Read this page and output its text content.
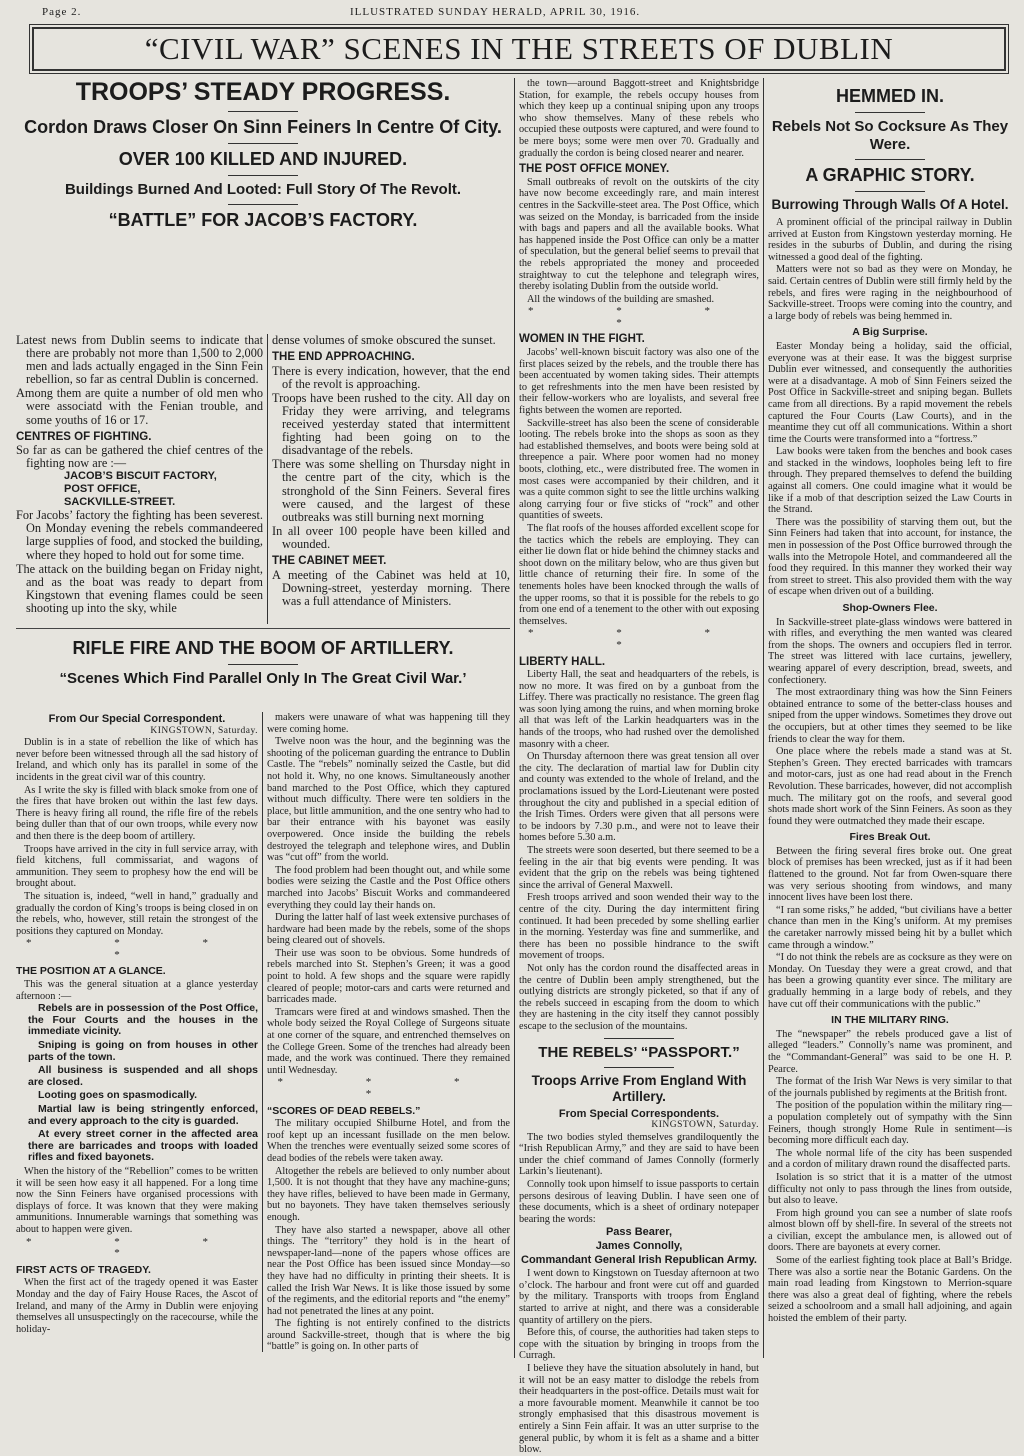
Page 2.	ILLUSTRATED SUNDAY HERALD, APRIL 30, 1916.
“CIVIL WAR” SCENES IN THE STREETS OF DUBLIN
TROOPS’ STEADY PROGRESS.
Cordon Draws Closer On Sinn Feiners In Centre Of City.
OVER 100 KILLED AND INJURED.
Buildings Burned And Looted: Full Story Of The Revolt.
“BATTLE” FOR JACOB’S FACTORY.
Latest news from Dublin seems to indicate that there are probably not more than 1,500 to 2,000 men and lads actually engaged in the Sinn Fein rebellion, so far as central Dublin is concerned.
Among them are quite a number of old men who were associatd with the Fenian trouble, and some youths of 16 or 17.
CENTRES OF FIGHTING.
So far as can be gathered the chief centres of the fighting now are :—
JACOB’S BISCUIT FACTORY,
POST OFFICE,
SACKVILLE-STREET.
For Jacobs’ factory the fighting has been severest. On Monday evening the rebels commandeered large supplies of food, and stocked the building, where they hoped to hold out for some time.
The attack on the building began on Friday night, and as the boat was ready to depart from Kingstown that evening flames could be seen shooting up into the sky, while
dense volumes of smoke obscured the sunset.
THE END APPROACHING.
There is every indication, however, that the end of the revolt is approaching.
Troops have been rushed to the city. All day on Friday they were arriving, and telegrams received yesterday stated that intermittent fighting had been going on to the disadvantage of the rebels.
There was some shelling on Thursday night in the centre part of the city, which is the stronghold of the Sinn Feiners. Several fires were caused, and the largest of these outbreaks was still burning next morning
In all oveer 100 people have been killed and wounded.
THE CABINET MEET.
A meeting of the Cabinet was held at 10, Downing-street, yesterday morning. There was a full attendance of Ministers.
RIFLE FIRE AND THE BOOM OF ARTILLERY.
“Scenes Which Find Parallel Only In The Great Civil War.’
From Our Special Correspondent.
KINGSTOWN, Saturday.
Dublin is in a state of rebellion the like of which has never before been witnessed through all the sad history of Ireland, and which only has its parallel in some of the incidents in the great civil war of this country.
As I write the sky is filled with black smoke from one of the fires that have broken out within the last few days. There is heavy firing all round, the rifle fire of the rebels being duller than that of our own troops, while every now and then there is the deep boom of artillery.
Troops have arrived in the city in full service array, with field kitchens, full commissariat, and wagons of ammunition. They seem to prophesy how the end will be brought about.
The situation is, indeed, “well in hand,” gradually and gradually the cordon of King’s troops is being closed in on the rebels, who, however, still retain the strongest of the positions they captured on Monday.
* * * *
THE POSITION AT A GLANCE.
This was the general situation at a glance yesterday afternoon :—
Rebels are in possession of the Post Office, the Four Courts and the houses in the immediate vicinity.
Sniping is going on from houses in other parts of the town.
All business is suspended and all shops are closed.
Looting goes on spasmodically.
Martial law is being stringently enforced, and every approach to the city is guarded.
At every street corner in the affected area there are barricades and troops with loaded rifles and fixed bayonets.
When the history of the “Rebellion” comes to be written it will be seen how easy it all happened. For a long time now the Sinn Feiners have organised processions with displays of force. It was known that they were making ammunitions. Innumerable warnings that something was about to happen were given.
* * * *
FIRST ACTS OF TRAGEDY.
When the first act of the tragedy opened it was Easter Monday and the day of Fairy House Races, the Ascot of Ireland, and many of the Army in Dublin were enjoying themselves all unsuspectingly on the racecourse, while the holiday-
makers were unaware of what was happening till they were coming home.
Twelve noon was the hour, and the beginning was the shooting of the policeman guarding the entrance to Dublin Castle. The “rebels” nominally seized the Castle, but did not hold it. Why, no one knows. Simultaneously another band marched to the Post Office, which they captured without much difficulty. There were ten soldiers in the place, but little ammunition, and the one sentry who had to bar their entrance with his bayonet was easily overpowered. Once inside the building the rebels destroyed the telegraph and telephone wires, and Dublin was “cut off” from the world.
The food problem had been thought out, and while some bodies were seizing the Castle and the Post Office others marched into Jacobs’ Biscuit Works and commandeered everything they could lay their hands on.
During the latter half of last week extensive purchases of hardware had been made by the rebels, some of the shops being cleared out of shovels.
Their use was soon to be obvious. Some hundreds of rebels marched into St. Stephen’s Green; it was a good point to hold. A few shops and the square were rapidly cleared of people; motor-cars and carts were returned and barricades made.
Tramcars were fired at and windows smashed. Then the whole body seized the Royal College of Surgeons situate at one corner of the square, and entrenched themselves on the College Green. Some of the trenches had already been made, and the work was continued. There they remained until Wednesday.
* * * *
“SCORES OF DEAD REBELS.”
The military occupied Shilburne Hotel, and from the roof kept up an incessant fusillade on the men below. When the trenches were eventually seized some scores of dead bodies of the rebels were taken away.
Altogether the rebels are believed to only number about 1,500. It is not thought that they have any machine-guns; they have rifles, believed to have been made in Germany, but no bayonets. They have taken themselves seriously enough.
They have also started a newspaper, above all other things. The “territory” they hold is in the heart of newspaper-land—none of the papers whose offices are near the Post Office has been issued since Monday—so they have had no difficulty in printing their sheets. It is called the Irish War News. It is like those issued by some of the regiments, and the editorial reports and “the enemy” had not penetrated the lines at any point.
The fighting is not entirely confined to the districts around Sackville-street, though that is where the big “battle” is going on. In other parts of
the town—around Baggott-street and Knightsbridge Station, for example, the rebels occupy houses from which they keep up a continual sniping upon any troops who show themselves. Many of these rebels who occupied these outposts were captured, and were found to be mere boys; some were men over 70. Gradually and gradually the cordon is being closed nearer and nearer.
THE POST OFFICE MONEY.
Small outbreaks of revolt on the outskirts of the city have now become exceedingly rare, and main interest centres in the Sackville-steet area. The Post Office, which was seized on the Monday, is barricaded from the inside with bags and papers and all the available books. What has happened inside the Post Office can only be a matter of speculation, but the general belief seems to prevail that the rebels appropriated the money and proceeded straightway to cut the telephone and telegraph wires, thereby isolating Dublin from the outside world.
All the windows of the building are smashed.
* * * *
WOMEN IN THE FIGHT.
Jacobs’ well-known biscuit factory was also one of the first places seized by the rebels, and the trouble there has been accentuated by women taking sides. Their attempts to get refreshments into the men have been resisted by their fellow-workers who are loyalists, and several free fights between the women are reported.
Sackville-street has also been the scene of considerable looting. The rebels broke into the shops as soon as they had established themselves, and boots were being sold at threepence a pair. Where poor women had no money boots, clothing, etc., were distributed free. The women in most cases were accompanied by their children, and it was a quite common sight to see the little urchins walking along carrying four or five sticks of “rock” and other quantities of sweets.
The flat roofs of the houses afforded excellent scope for the tactics which the rebels are employing. They can either lie down flat or hide behind the chimney stacks and shoot down on the military below, who are thus given but little chance of returning their fire. In some of the tenements holes have been knocked through the walls of the upper rooms, so that it is possible for the rebels to go from one end of a tenement to the other with out exposing themselves.
* * * *
LIBERTY HALL.
Liberty Hall, the seat and headquarters of the rebels, is now no more. It was fired on by a gunboat from the Liffey. There was practically no resistance. The green flag was soon lying among the ruins, and when morning broke all that was left of the Larkin headquarters was in the hands of the troops, who had rushed over the demolished masonry with a cheer.
On Thursday afternoon there was great tension all over the city. The declaration of martial law for Dublin city and county was extended to the whole of Ireland, and the proclamations issued by the Lord-Lieutenant were posted throughout the city and published in a special edition of the Irish Times. Orders were given that all persons were to be indoors by 7.30 p.m., and were not to leave their homes before 5.30 a.m.
The streets were soon deserted, but there seemed to be a feeling in the air that big events were pending. It was evident that the grip on the rebels was being tightened since the arrival of General Maxwell.
Fresh troops arrived and soon wended their way to the centre of the city. During the day intermittent firing continued. It had been preceded by some shelling earlier in the morning. Yesterday was fine and summerlike, and there has been no possible hindrance to the swift movement of troops.
Not only has the cordon round the disaffected areas in the centre of Dublin been amply strengthened, but the outlying districts are strongly picketed, so that if any of the rebels succeed in escaping from the doom to which they are hastening in the city itself they cannot possibly escape to the seclusion of the mountains.
THE REBELS’ “PASSPORT.”
Troops Arrive From England With Artillery.
From Special Correspondents.
KINGSTOWN, Saturday.
The two bodies styled themselves grandiloquently the “Irish Republican Army,” and they are said to have been under the chief command of James Connolly (formerly Larkin’s lieutenant).
Connolly took upon himself to issue passports to certain persons desirous of leaving Dublin. I have seen one of these documents, which is a sheet of ordinary notepaper bearing the words:
Pass Bearer,
James Connolly,
Commandant General Irish Republican Army.
I went down to Kingstown on Tuesday afternoon at two o’clock. The harbour and front were cut off and guarded by the military. Transports with troops from England started to arrive at night, and there was a considerable quantity of artillery on the piers.
Before this, of course, the authorities had taken steps to cope with the situation by bringing in troops from the Curragh.
I believe they have the situation absolutely in hand, but it will not be an easy matter to dislodge the rebels from their headquarters in the post-office. Details must wait for a more favourable moment. Meanwhile it cannot be too strongly emphasised that this disastrous movement is entirely a Sinn Fein affair. It was an utter surprise to the general public, by whom it is felt as a shame and a bitter blow.
HEMMED IN.
Rebels Not So Cocksure As They Were.
A GRAPHIC STORY.
Burrowing Through Walls Of A Hotel.
A prominent official of the principal railway in Dublin arrived at Euston from Kingstown yesterday morning. He resides in the suburbs of Dublin, and during the rising witnessed a good deal of the fighting.
Matters were not so bad as they were on Monday, he said. Certain centres of Dublin were still firmly held by the rebels, and fires were raging in the neighbourhood of Sackville-street. Troops were coming into the country, and a large body of rebels was being hemmed in.
A Big Surprise.
Easter Monday being a holiday, said the official, everyone was at their ease. It was the biggest surprise Dublin ever witnessed, and consequently the authorities were at a disadvantage. A mob of Sinn Feiners seized the Post Office in Sackville-street and sniping began. Bullets came from all directions. By a rapid movement the rebels captured the Four Courts (Law Courts), and in the meantime they cut off all communications. Within a short time the Courts were transformed into a “fortress.”
Law books were taken from the benches and book cases and stacked in the windows, loopholes being left to fire through. They prepared themselves to defend the building against all comers. One could imagine what it would be like if a mob of that description seized the Law Courts in the Strand.
There was the possibility of starving them out, but the Sinn Feiners had taken that into account, for instance, the men in possession of the Post Office burrowed through the walls into the Metropole Hotel, and commandeered all the food they required. In this manner they worked their way from street to street. This also provided them with the way of escape when driven out of a building.
Shop-Owners Flee.
In Sackville-street plate-glass windows were battered in with rifles, and everything the men wanted was cleared from the shops. The owners and occupiers fled in terror. The street was littered with lace curtains, jewellery, wearing apparel of every description, bread, sweets, and confectionery.
The most extraordinary thing was how the Sinn Feiners obtained entrance to some of the better-class houses and sniped from the upper windows. Sometimes they drove out the occupiers, but at other times they seemed to be like friends to clear the way for them.
One place where the rebels made a stand was at St. Stephen’s Green. They erected barricades with tramcars and motor-cars, just as one had read about in the French Revolution. These barricades, however, did not accomplish much. The military got on the roofs, and several good shots made short work of the Sinn Feiners. As soon as they found they were outmatched they made their escape.
Fires Break Out.
Between the firing several fires broke out. One great block of premises has been wrecked, just as if it had been flattened to the ground. Not far from Owen-square there was very serious shooting from windows, and many innocent lives have been lost there.
“I ran some risks,” he added, “but civilians have a better chance than men in the King’s uniform. At my premises the caretaker narrowly missed being hit by a bullet which came through a window.”
“I do not think the rebels are as cocksure as they were on Monday. On Tuesday they were a great crowd, and that has been a growing quantity ever since. The military are gradually hemming in a large body of rebels, and they have cut off their communications with the public.”
IN THE MILITARY RING.
The “newspaper” the rebels produced gave a list of alleged “leaders.” Connolly’s name was prominent, and the “Commandant-General” was said to be one H. P. Pearce.
The format of the Irish War News is very similar to that of the journals published by regiments at the British front.
The position of the population within the military ring—a population completely out of sympathy with the Sinn Feiners, though strongly Home Rule in sentiment—is becoming more difficult each day.
The whole normal life of the city has been suspended and a cordon of military drawn round the disaffected parts.
Isolation is so strict that it is a matter of the utmost difficulty not only to pass through the lines from outside, but also to leave.
From high ground you can see a number of slate roofs almost blown off by shell-fire. In several of the streets not a civilian, except the ambulance men, is allowed out of doors. There are bayonets at every corner.
Some of the earliest fighting took place at Ball’s Bridge. There was also a sortie near the Botanic Gardens. On the main road leading from Kingstown to Merrion-square there was also a great deal of fighting, where the rebels seized a schoolroom and a small hall adjoining, and again hoisted the emblem of their party.
